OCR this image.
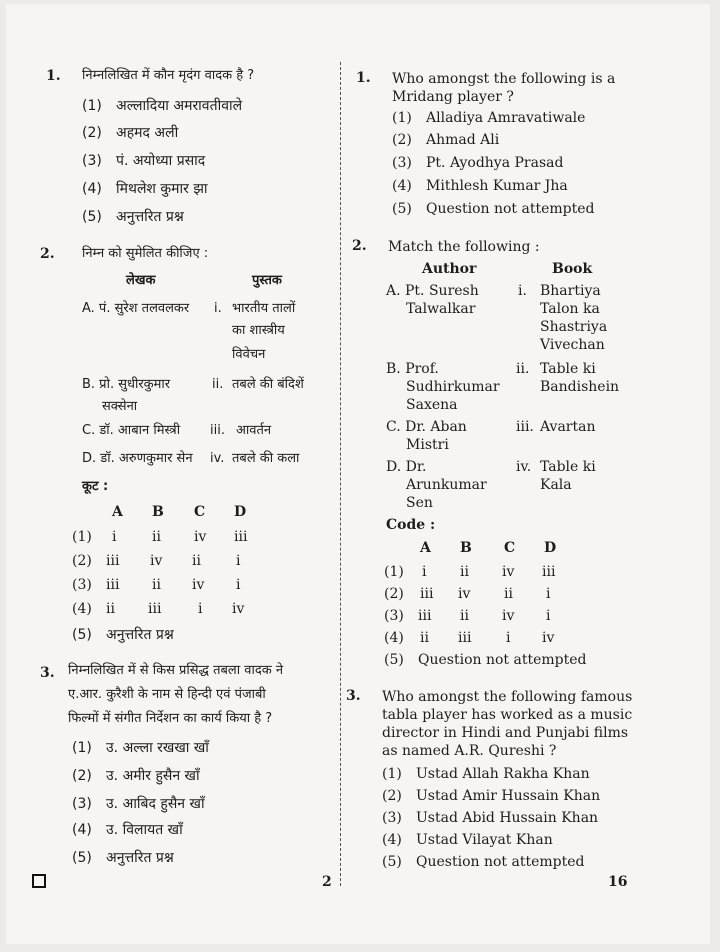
1. निम्नलिखित में कौन मृदंग वादक है ?
(1) अल्लादिया अमरावतीवाले
(2) अहमद अली
(3) पं. अयोध्या प्रसाद
(4) मिथलेश कुमार झा
(5) अनुत्तरित प्रश्न
2. निम्न को सुमेलित कीजिए :
लेखक	पुस्तक
A. पं. सुरेश तलवलकर i. भारतीय तालों
का शास्त्रीय
विवेचन
B. प्रो. सुधीरकुमार
सक्सेना
ii. तबले की बंदिशें
C. डॉ. आबान मिस्त्री iii. आवर्तन
D. डॉ. अरुणकुमार सेन iv. तबले की कला
कूट :
A B C D
(1) i	ii iv iii
(2) iii iv ii	i
(3) iii ii iv i
(4) ii iii	i iv
(5) अनुत्तरित प्रश्न
3. निम्नलिखित में से किस प्रसिद्ध तबला वादक ने
ए.आर. कुरैशी के नाम से हिन्दी एवं पंजाबी
फिल्मों में संगीत निर्देशन का कार्य किया है ?
(1) उ. अल्ला रखखा खाँ
(2) उ. अमीर हुसैन खाँ
(3) उ. आबिद हुसैन खाँ
(4) उ. विलायत खाँ
(5) अनुत्तरित प्रश्न
2
1. Who amongst the following is a
Mridang player ?
(1) Alladiya Amravatiwale
(2) Ahmad Ali
(3) Pt. Ayodhya Prasad
(4) Mithlesh Kumar Jha
(5) Question not attempted
2. Match the following :
Author	Book
A. Pt. Suresh
Talwalkar
i. Bhartiya
Talon ka
Shastriya
Vivechan
B. Prof.
Sudhirkumar
Saxena
ii. Table ki
Bandishein
C. Dr. Aban
Mistri
iii. Avartan
D. Dr.
Arunkumar
Sen
iv. Table ki
Kala
Code :
A B C D
(1) i ii iv iii
(2) iii iv ii i
(3) iii ii iv i
(4) ii iii i iv
(5) Question not attempted
3. Who amongst the following famous
tabla player has worked as a music
director in Hindi and Punjabi films
as named A.R. Qureshi ?
(1) Ustad Allah Rakha Khan
(2) Ustad Amir Hussain Khan
(3) Ustad Abid Hussain Khan
(4) Ustad Vilayat Khan
(5) Question not attempted
16
